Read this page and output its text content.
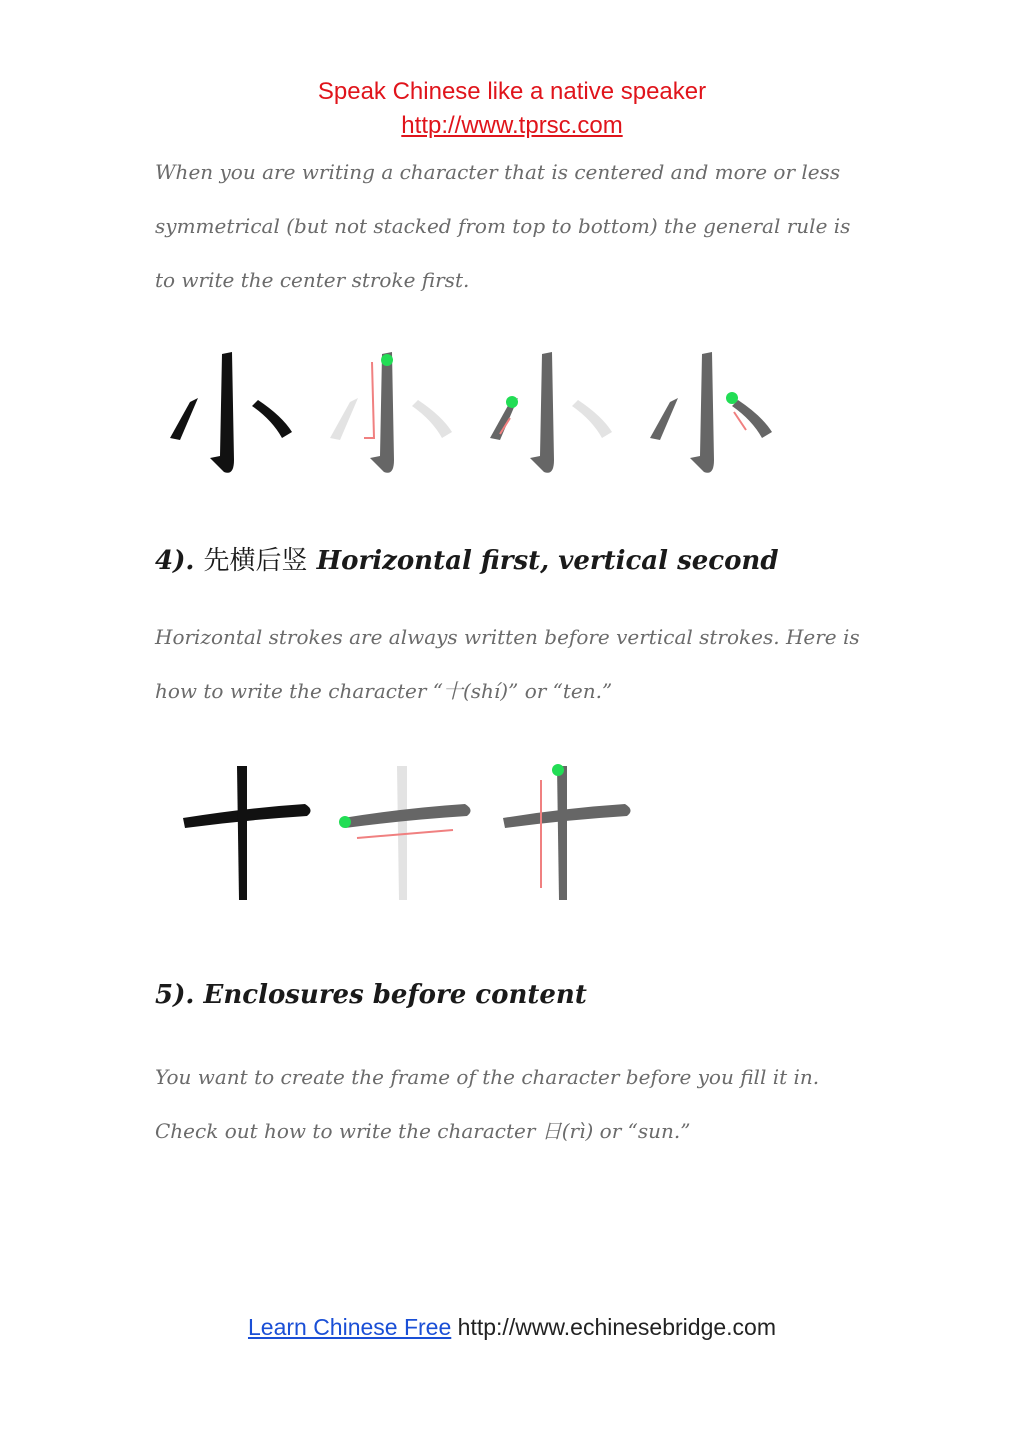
Speak Chinese like a native speaker
http://www.tprsc.com
When you are writing a character that is centered and more or less symmetrical (but not stacked from top to bottom) the general rule is to write the center stroke first.
4). 先横后竖 Horizontal first, vertical second
Horizontal strokes are always written before vertical strokes. Here is how to write the character “十(shí)” or “ten.”
5). Enclosures before content
You want to create the frame of the character before you fill it in. Check out how to write the character 日(rì) or “sun.”
Learn Chinese Free http://www.echinesebridge.com
